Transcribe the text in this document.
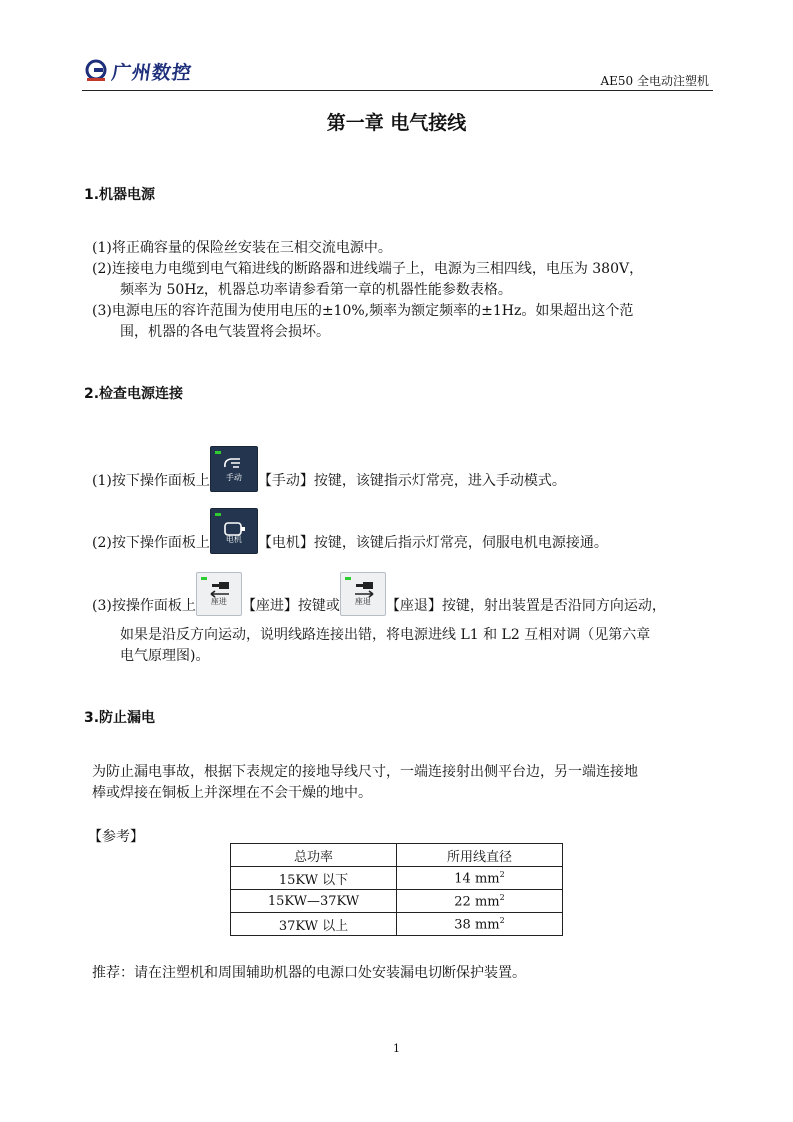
广州数控	AE50 全电动注塑机
第一章 电气接线
1.机器电源
(1)将正确容量的保险丝安装在三相交流电源中。
(2)连接电力电缆到电气箱进线的断路器和进线端子上，电源为三相四线，电压为 380V，
频率为 50Hz，机器总功率请参看第一章的机器性能参数表格。
(3)电源电压的容许范围为使用电压的±10%,频率为额定频率的±1Hz。如果超出这个范
围，机器的各电气装置将会损坏。
2.检查电源连接
(1)按下操作面板上	手动	【手动】按键，该键指示灯常亮，进入手动模式。
(2)按下操作面板上	电机	【电机】按键，该键后指示灯常亮，伺服电机电源接通。
(3)按操作面板上	座进	【座进】按键或	座退	【座退】按键，射出装置是否沿同方向运动，
如果是沿反方向运动，说明线路连接出错，将电源进线 L1 和 L2 互相对调（见第六章
电气原理图)。
3.防止漏电
为防止漏电事故，根据下表规定的接地导线尺寸，一端连接射出侧平台边，另一端连接地
棒或焊接在铜板上并深埋在不会干燥的地中。
【参考】
总功率	所用线直径
15KW 以下	14 $mm^2$
15KW—37KW	22 $mm^2$
37KW 以上	38 $mm^2$
推荐：请在注塑机和周围辅助机器的电源口处安装漏电切断保护装置。
1
